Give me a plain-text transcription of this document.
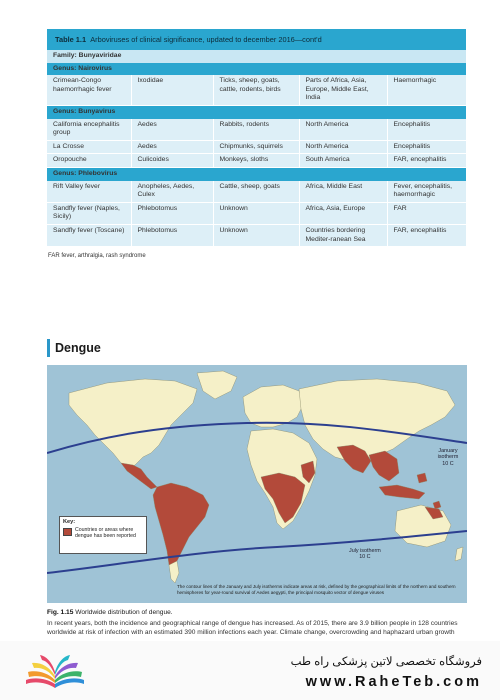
Table 1.1 Arboviruses of clinical significance, updated to december 2016—cont'd
Family: Bunyaviridae				
Genus: Nairovirus				
Crimean-Congo haemorrhagic fever	Ixodidae	Ticks, sheep, goats, cattle, rodents, birds	Parts of Africa, Asia, Europe, Middle East, India	Haemorrhagic
Genus: Bunyavirus				
California encephalitis group	Aedes	Rabbits, rodents	North America	Encephalitis
La Crosse	Aedes	Chipmunks, squirrels	North America	Encephalitis
Oropouche	Culicoides	Monkeys, sloths	South America	FAR, encephalitis
Genus: Phlebovirus				
Rift Valley fever	Anopheles, Aedes, Culex	Cattle, sheep, goats	Africa, Middle East	Fever, encephalitis, haemorrhagic
Sandfly fever (Naples, Sicily)	Phlebotomus	Unknown	Africa, Asia, Europe	FAR
Sandfly fever (Toscane)	Phlebotomus	Unknown	Countries bordering Mediter-ranean Sea	FAR, encephalitis
FAR fever, arthralgia, rash syndrome
Dengue
January isotherm
10 C
July isotherm
10 C
Key:
Countries or areas where dengue has been reported
The contour lines of the January and July isotherms indicate areas at risk, defined by the geographical limits of the northern and southern hemispheres for year-round survival of Aedes aegypti, the principal mosquito vector of dengue viruses
Fig. 1.15 Worldwide distribution of dengue.
In recent years, both the incidence and geographical range of dengue has increased. As of 2015, there are 3.9 billion people in 128 countries worldwide at risk of infection with an estimated 390 million infections each year. Climate change, overcrowding and haphazard urban growth
فروشگاه تخصصی لاتین پزشکی راه طب
www.RaheTeb.com
